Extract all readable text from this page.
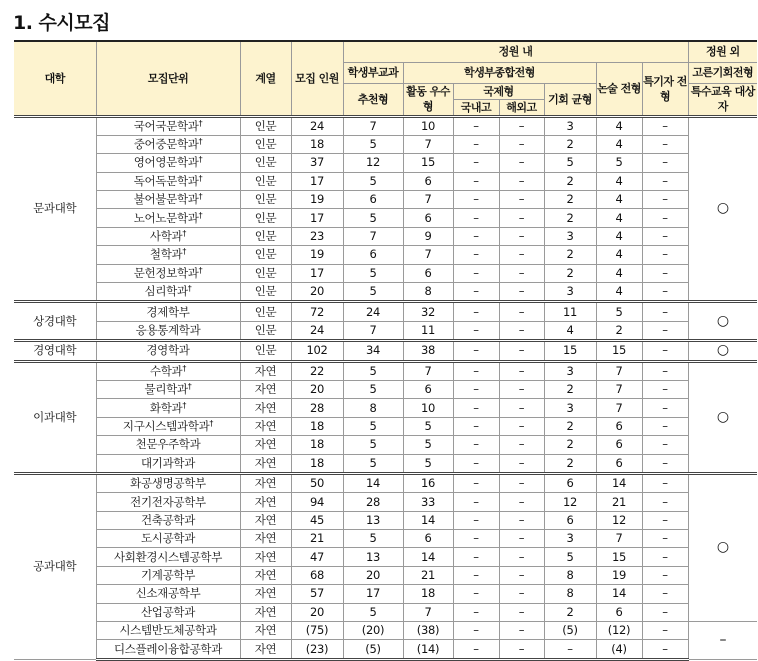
1. 수시모집
대학	모집단위	계열	모집 인원	정원 내							정원 외
				학생부교과	학생부종합전형				논술 전형	특기자 전형	고른기회전형
				추천형	활동 우수형	국제형		기회 균형			특수교육 대상자
						국내고	해외고				
문과대학	국어국문학과†	인문	24	7	10	–	–	3	4	–	○
	중어중문학과†	인문	18	5	7	–	–	2	4	–	
	영어영문학과†	인문	37	12	15	–	–	5	5	–	
	독어독문학과†	인문	17	5	6	–	–	2	4	–	
	불어불문학과†	인문	19	6	7	–	–	2	4	–	
	노어노문학과†	인문	17	5	6	–	–	2	4	–	
	사학과†	인문	23	7	9	–	–	3	4	–	
	철학과†	인문	19	6	7	–	–	2	4	–	
	문헌정보학과†	인문	17	5	6	–	–	2	4	–	
	심리학과†	인문	20	5	8	–	–	3	4	–	
상경대학	경제학부	인문	72	24	32	–	–	11	5	–	○
	응용통계학과	인문	24	7	11	–	–	4	2	–	
경영대학	경영학과	인문	102	34	38	–	–	15	15	–	○
이과대학	수학과†	자연	22	5	7	–	–	3	7	–	○
	물리학과†	자연	20	5	6	–	–	2	7	–	
	화학과†	자연	28	8	10	–	–	3	7	–	
	지구시스템과학과†	자연	18	5	5	–	–	2	6	–	
	천문우주학과	자연	18	5	5	–	–	2	6	–	
	대기과학과	자연	18	5	5	–	–	2	6	–	
공과대학	화공생명공학부	자연	50	14	16	–	–	6	14	–	○
	전기전자공학부	자연	94	28	33	–	–	12	21	–	
	건축공학과	자연	45	13	14	–	–	6	12	–	
	도시공학과	자연	21	5	6	–	–	3	7	–	
	사회환경시스템공학부	자연	47	13	14	–	–	5	15	–	
	기계공학부	자연	68	20	21	–	–	8	19	–	
	신소재공학부	자연	57	17	18	–	–	8	14	–	
	산업공학과	자연	20	5	7	–	–	2	6	–	
	시스템반도체공학과	자연	(75)	(20)	(38)	–	–	(5)	(12)	–	–
	디스플레이융합공학과	자연	(23)	(5)	(14)	–	–	–	(4)	–	
